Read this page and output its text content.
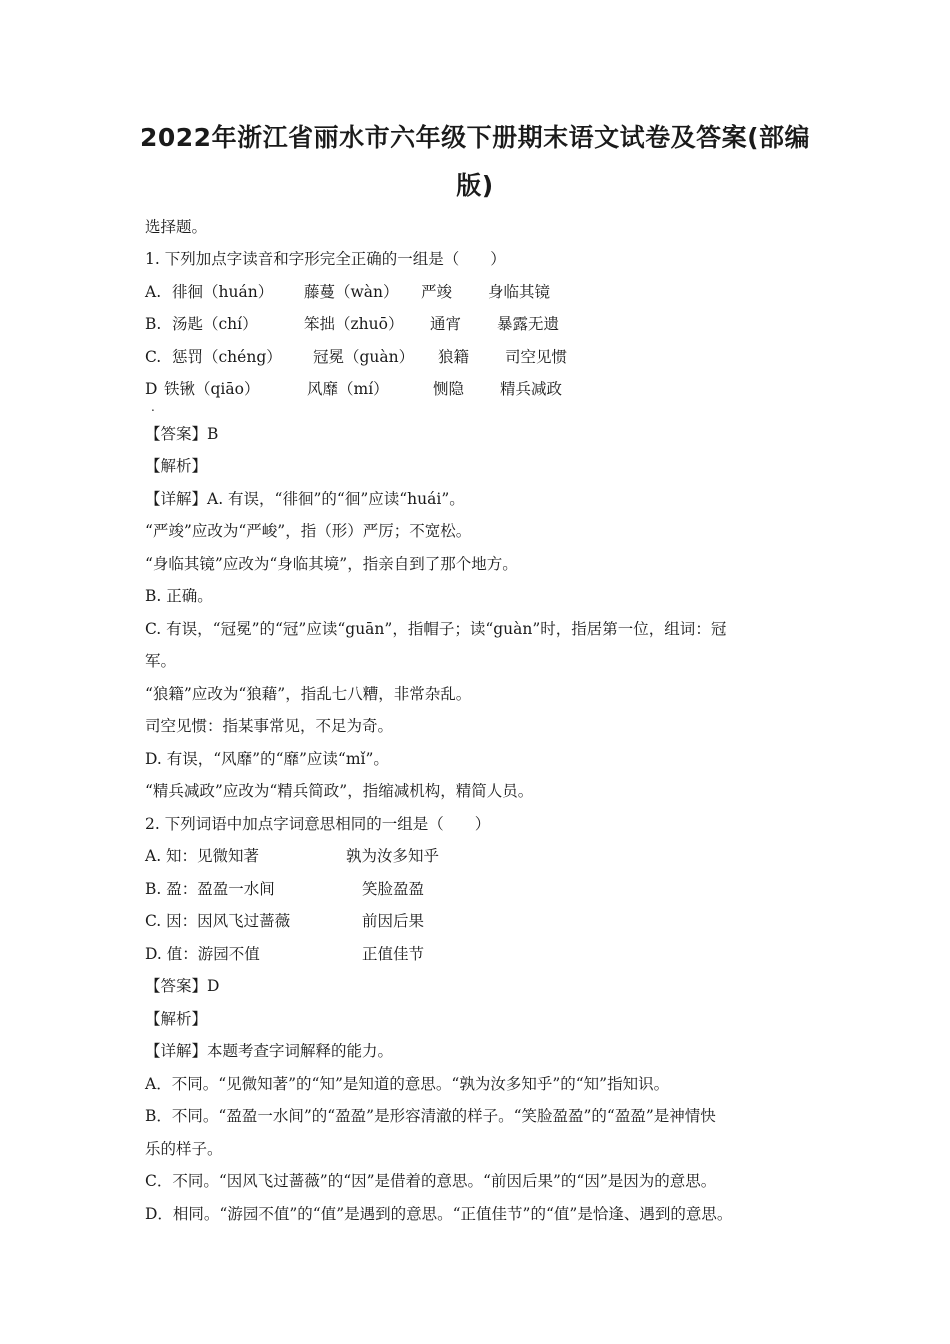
2022年浙江省丽水市六年级下册期末语文试卷及答案(部编
版)
选择题。
1. 下列加点字读音和字形完全正确的一组是（　　）
A. 徘徊（huán） 藤蔓（wàn） 严竣 身临其镜
B. 汤匙（chí）	笨拙（zhuō） 通宵 暴露无遗
C. 惩罚（chéng） 冠冕（guàn） 狼籍 司空见惯
D 铁锹（qiāo）	风靡（mí）	恻隐 精兵减政
.
【答案】B
【解析】
【详解】A. 有误，“徘徊”的“徊”应读“huái”。
“严竣”应改为“严峻”，指（形）严厉；不宽松。
“身临其镜”应改为“身临其境”，指亲自到了那个地方。
B. 正确。
C. 有误，“冠冕”的“冠”应读“guān”，指帽子；读“guàn”时，指居第一位，组词：冠
军。
“狼籍”应改为“狼藉”，指乱七八糟，非常杂乱。
司空见惯：指某事常见，不足为奇。
D. 有误，“风靡”的“靡”应读“mǐ”。
“精兵减政”应改为“精兵简政”，指缩减机构，精简人员。
2. 下列词语中加点字词意思相同的一组是（　　）
A. 知：见微知著	孰为汝多知乎
B. 盈：盈盈一水间	笑脸盈盈
C. 因：因风飞过蔷薇	前因后果
D. 值：游园不值	正值佳节
【答案】D
【解析】
【详解】本题考查字词解释的能力。
A．不同。“见微知著”的“知”是知道的意思。“孰为汝多知乎”的“知”指知识。
B．不同。“盈盈一水间”的“盈盈”是形容清澈的样子。“笑脸盈盈”的“盈盈”是神情快
乐的样子。
C．不同。“因风飞过蔷薇”的“因”是借着的意思。“前因后果”的“因”是因为的意思。
D．相同。“游园不值”的“值”是遇到的意思。“正值佳节”的“值”是恰逢、遇到的意思。
